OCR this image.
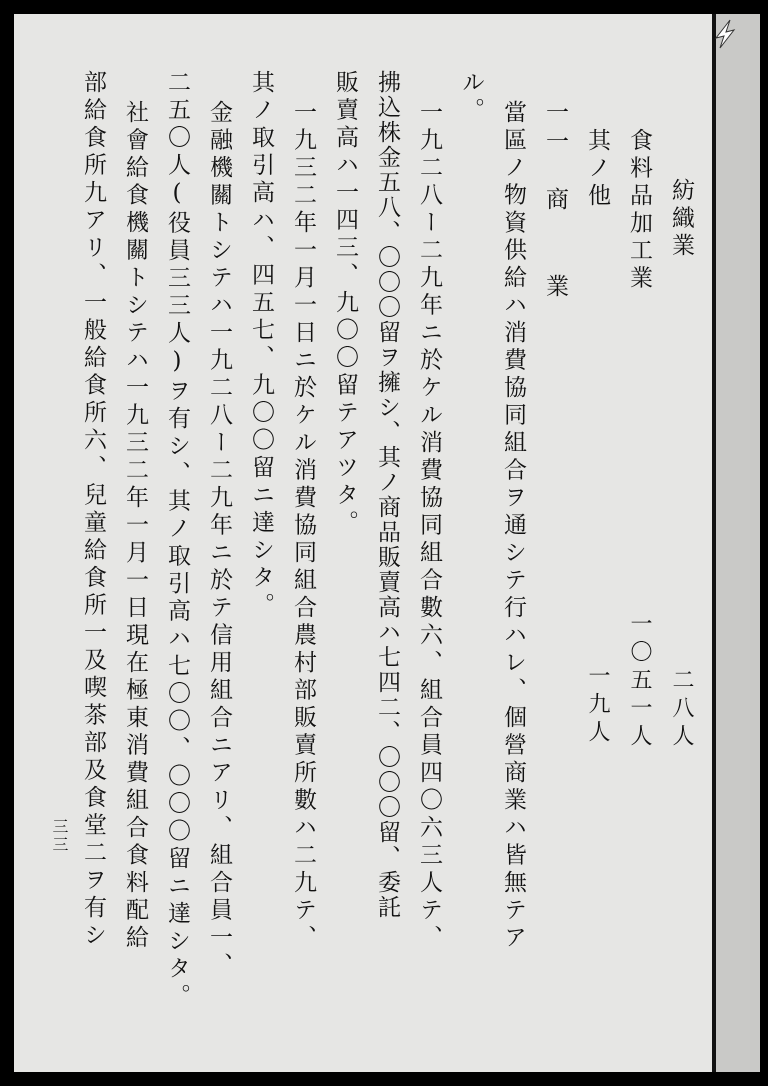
紡織業
食料品加工業
其ノ他
二八人
一〇五一人
一九人
一一　商　　業
當區ノ物資供給ハ消費協同組合ヲ通シテ行ハレ、個營商業ハ皆無テア
ル。
一九二八ー二九年ニ於ケル消費協同組合數六、組合員四〇六三人テ、
拂込株金五八、〇〇〇留ヲ擁シ、其ノ商品販賣高ハ七四二、〇〇〇留、委託
販賣高ハ一四三、九〇〇留テアツタ。
一九三二年一月一日ニ於ケル消費協同組合農村部販賣所數ハ二九テ、
其ノ取引高ハ、四五七、九〇〇留ニ達シタ。
金融機關トシテハ一九二八ー二九年ニ於テ信用組合ニアリ、組合員一、
二五〇人(役員三三人)ヲ有シ、其ノ取引高ハ七〇〇、〇〇〇留ニ達シタ。
社會給食機關トシテハ一九三二年一月一日現在極東消費組合食料配給
部給食所九アリ、一般給食所六、兒童給食所一及喫茶部及食堂二ヲ有シ
三三
